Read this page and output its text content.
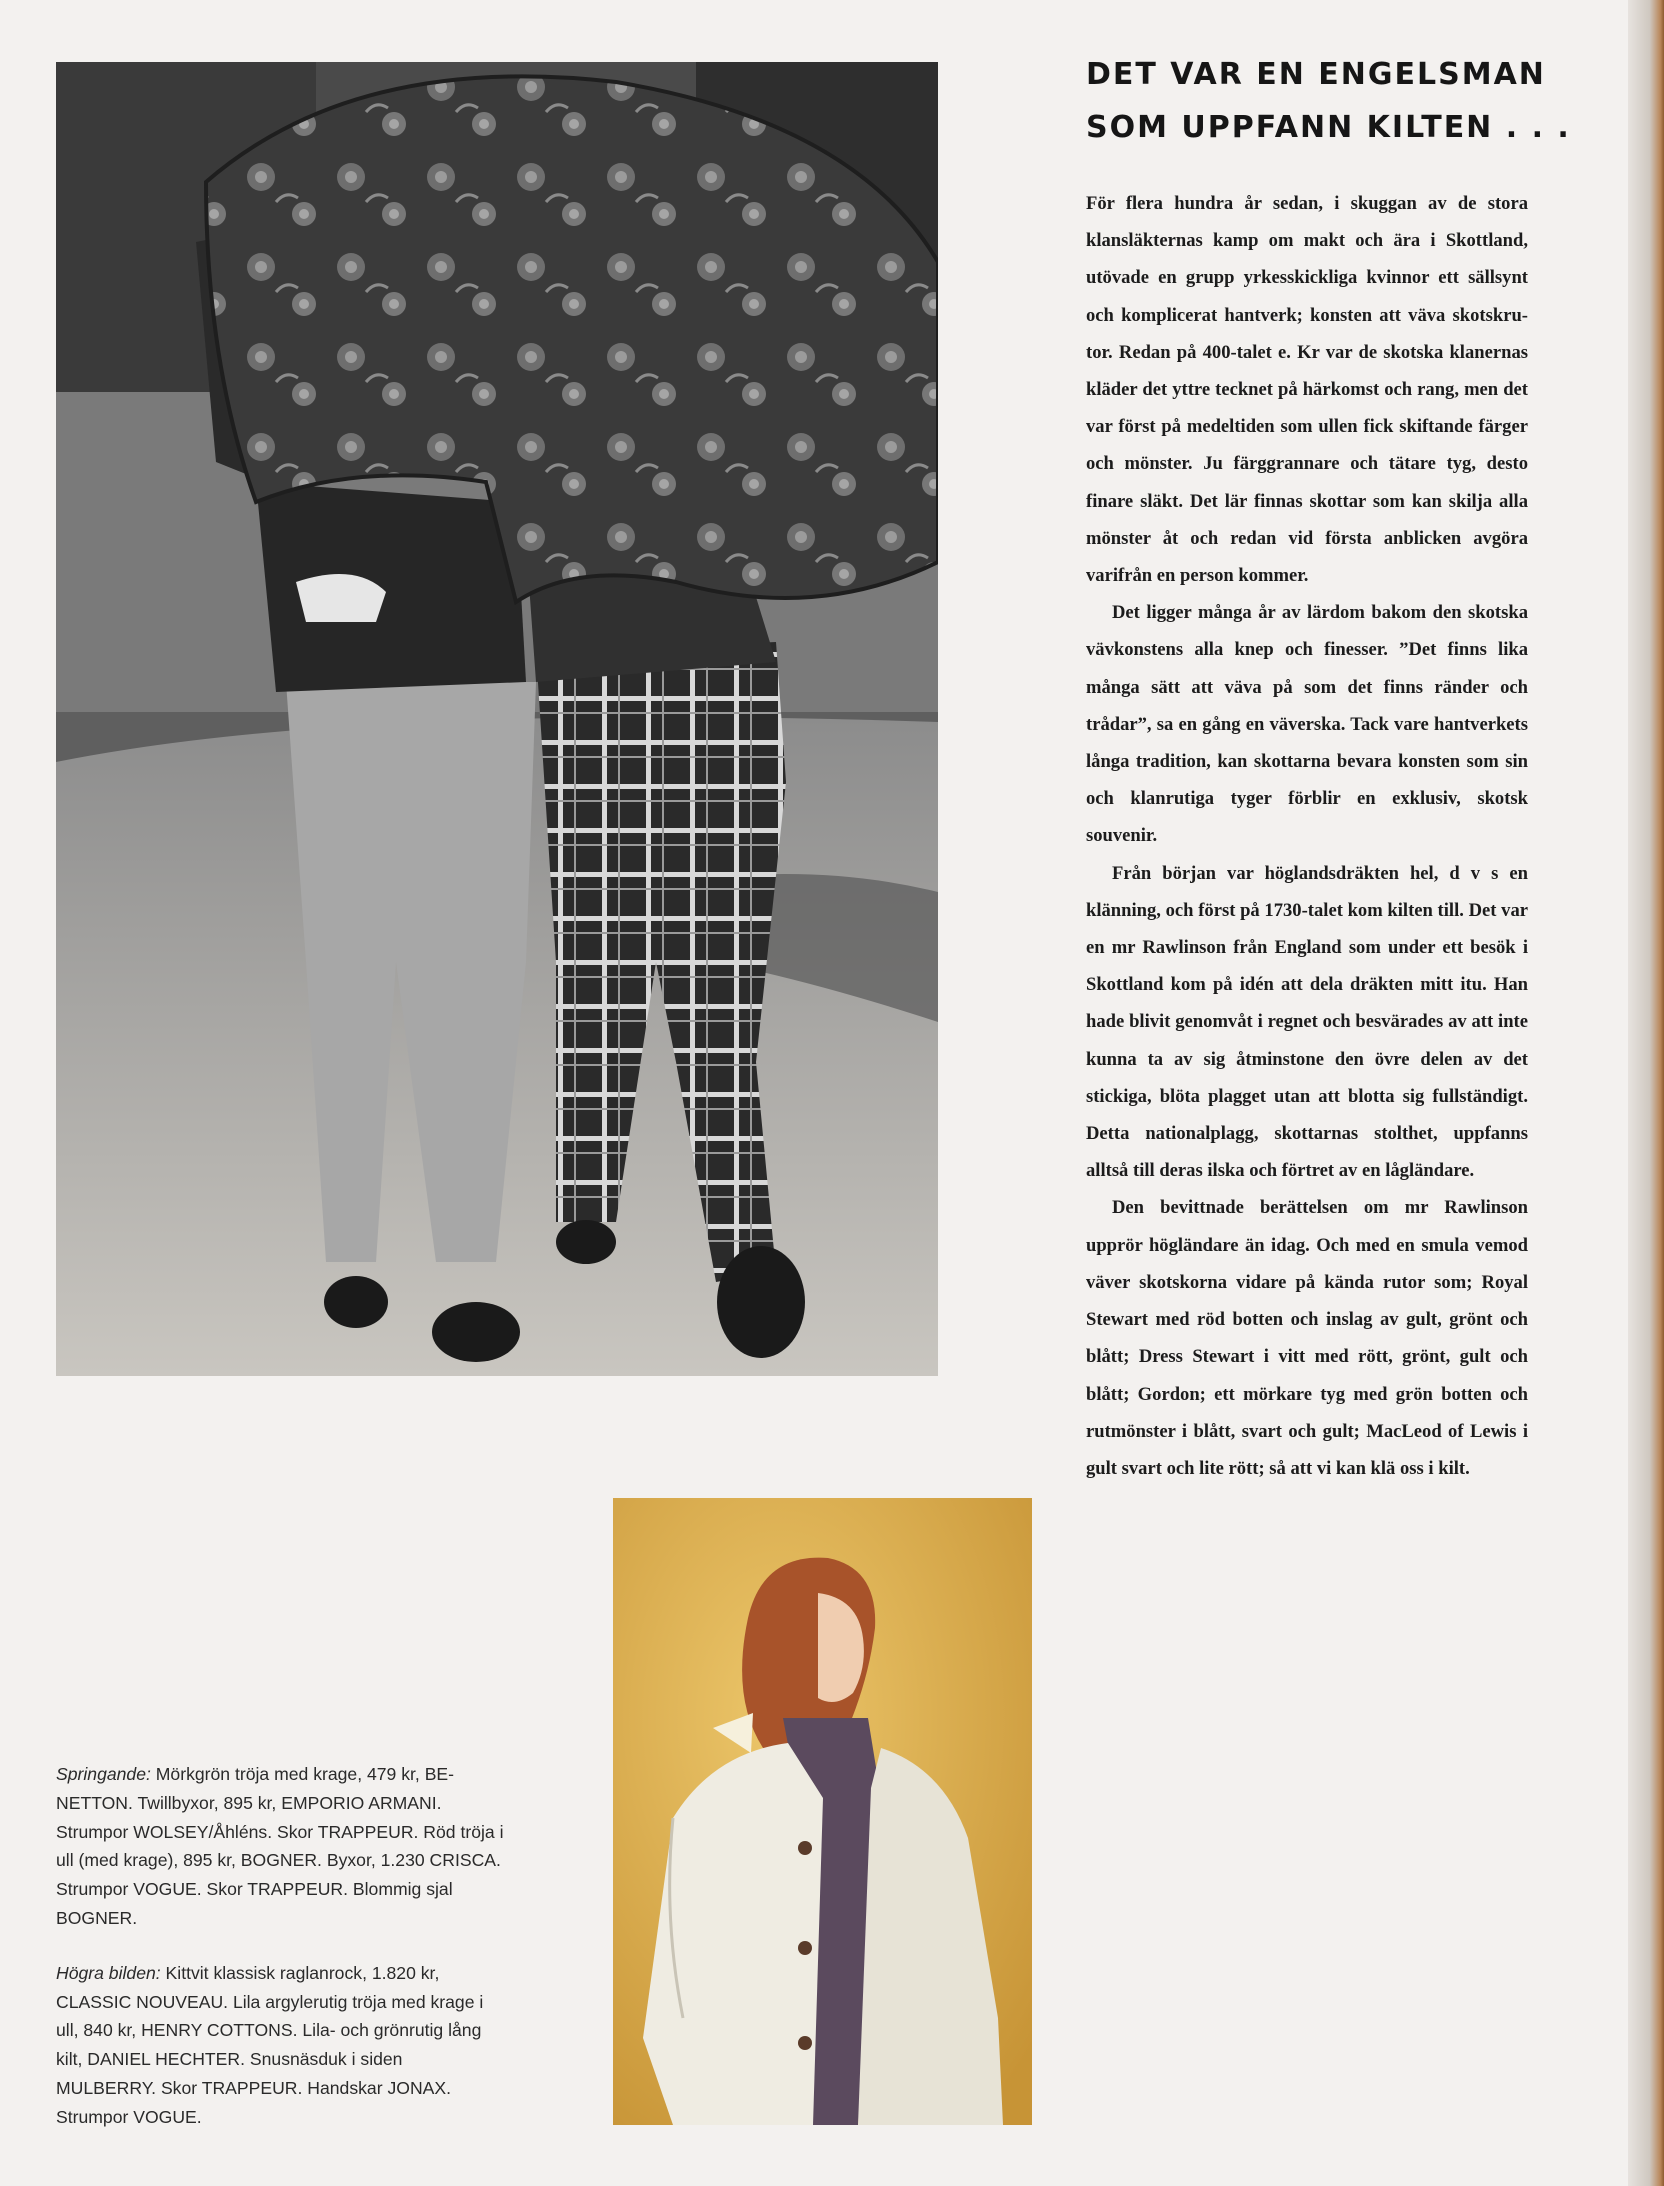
DET VAR EN ENGELSMAN
SOM UPPFANN KILTEN . . .

För flera hundra år sedan, i skuggan av de stora klansläkternas kamp om makt och ära i Skottland, utövade en grupp yrkesskickliga kvinnor ett sällsynt och komplicerat hantverk; konsten att väva skotskrutor. Redan på 400-talet e. Kr var de skotska klanernas kläder det yttre tecknet på härkomst och rang, men det var först på medeltiden som ullen fick skiftande färger och mönster. Ju färggrannare och tätare tyg, desto finare släkt. Det lär finnas skottar som kan skilja alla mönster åt och redan vid första anblicken avgöra varifrån en person kommer.

Det ligger många år av lärdom bakom den skotska vävkonstens alla knep och finesser. ”Det finns lika många sätt att väva på som det finns ränder och trådar”, sa en gång en väverska. Tack vare hantverkets långa tradition, kan skottarna bevara konsten som sin och klanrutiga tyger förblir en exklusiv, skotsk souvenir.

Från början var höglandsdräkten hel, d v s en klänning, och först på 1730-talet kom kilten till. Det var en mr Rawlinson från England som under ett besök i Skottland kom på idén att dela dräkten mitt itu. Han hade blivit genomvåt i regnet och besvärades av att inte kunna ta av sig åtminstone den övre delen av det stickiga, blöta plagget utan att blotta sig fullständigt. Detta nationalplagg, skottarnas stolthet, uppfanns alltså till deras ilska och förtret av en lågländare.

Den bevittnade berättelsen om mr Rawlinson upprör högländare än idag. Och med en smula vemod väver skotskorna vidare på kända rutor som; Royal Stewart med röd botten och inslag av gult, grönt och blått; Dress Stewart i vitt med rött, grönt, gult och blått; Gordon; ett mörkare tyg med grön botten och rutmönster i blått, svart och gult; MacLeod of Lewis i gult svart och lite rött; så att vi kan klä oss i kilt.

Springande: Mörkgrön tröja med krage, 479 kr, BENETTON. Twillbyxor, 895 kr, EMPORIO ARMANI. Strumpor WOLSEY/Åhléns. Skor TRAPPEUR. Röd tröja i ull (med krage), 895 kr, BOGNER. Byxor, 1.230 CRISCA. Strumpor VOGUE. Skor TRAPPEUR. Blommig sjal BOGNER.

Högra bilden: Kittvit klassisk raglanrock, 1.820 kr, CLASSIC NOUVEAU. Lila argylerutig tröja med krage i ull, 840 kr, HENRY COTTONS. Lila- och grönrutig lång kilt, DANIEL HECHTER. Snusnäsduk i siden MULBERRY. Skor TRAPPEUR. Handskar JONAX. Strumpor VOGUE.
